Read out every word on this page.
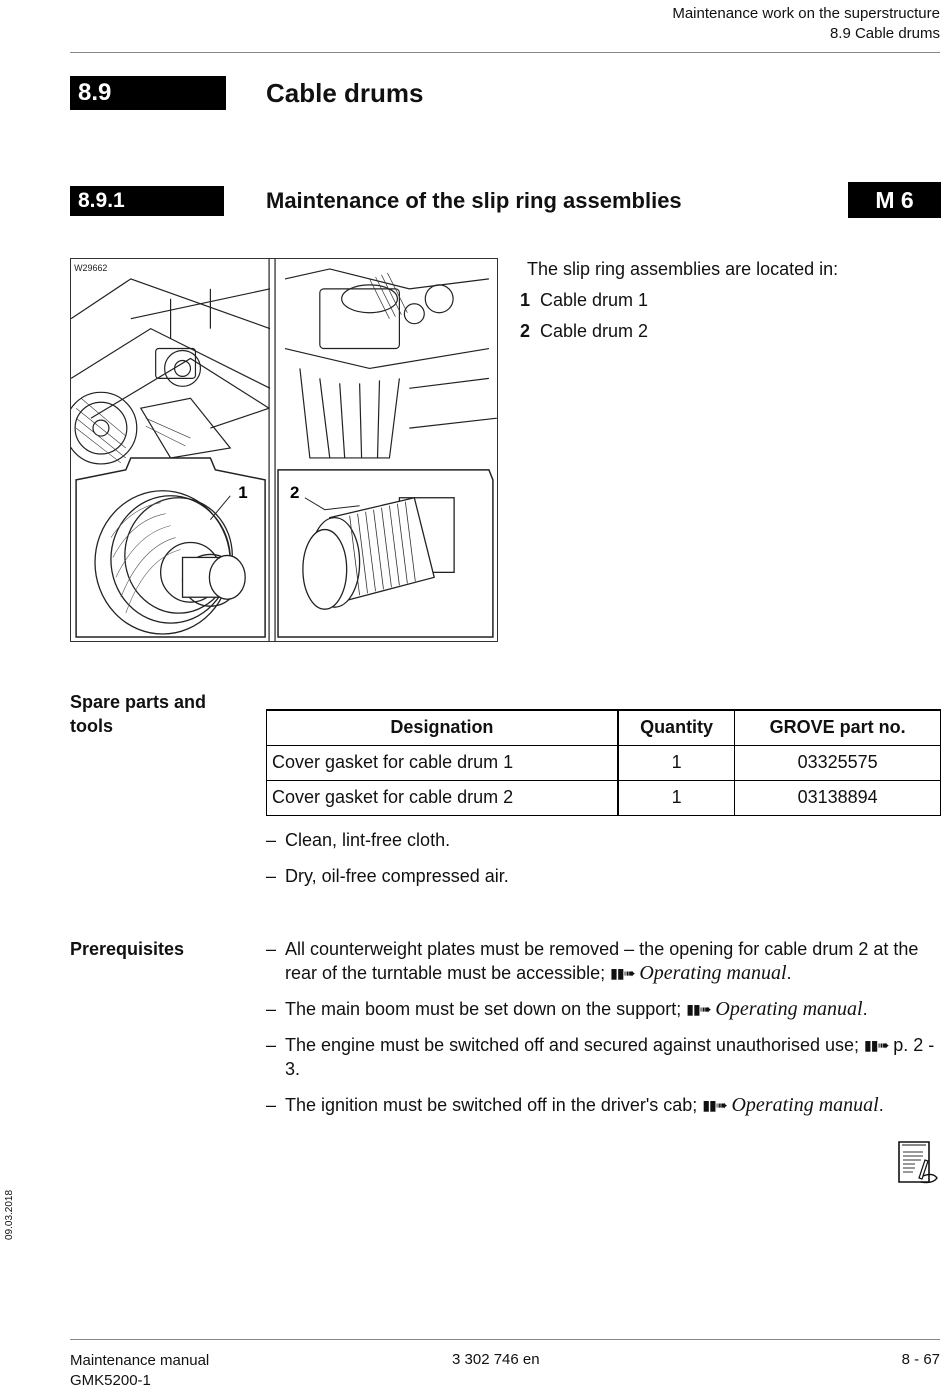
Maintenance work on the superstructure
8.9 Cable drums
8.9	Cable drums
8.9.1	Maintenance of the slip ring assemblies	M 6
W29662
1 2
The slip ring assemblies are located in:
1 Cable drum 1
2 Cable drum 2
Spare parts and
tools	Designation	Quantity	GROVE part no.
Cover gasket for cable drum 1	1	03325575
Cover gasket for cable drum 2	1	03138894
– Clean, lint-free cloth.
– Dry, oil-free compressed air.
Prerequisites	– All counterweight plates must be removed – the opening for cable drum 2 at the rear of the turntable must be accessible; ▮▮➠ Operating manual.
– The main boom must be set down on the support; ▮▮➠ Operating manual.
– The engine must be switched off and secured against unauthorised use; ▮▮➠ p. 2 - 3.
– The ignition must be switched off in the driver's cab; ▮▮➠ Operating manual.
09.03.2018
Maintenance manual
GMK5200-1
3 302 746 en	8 - 67
